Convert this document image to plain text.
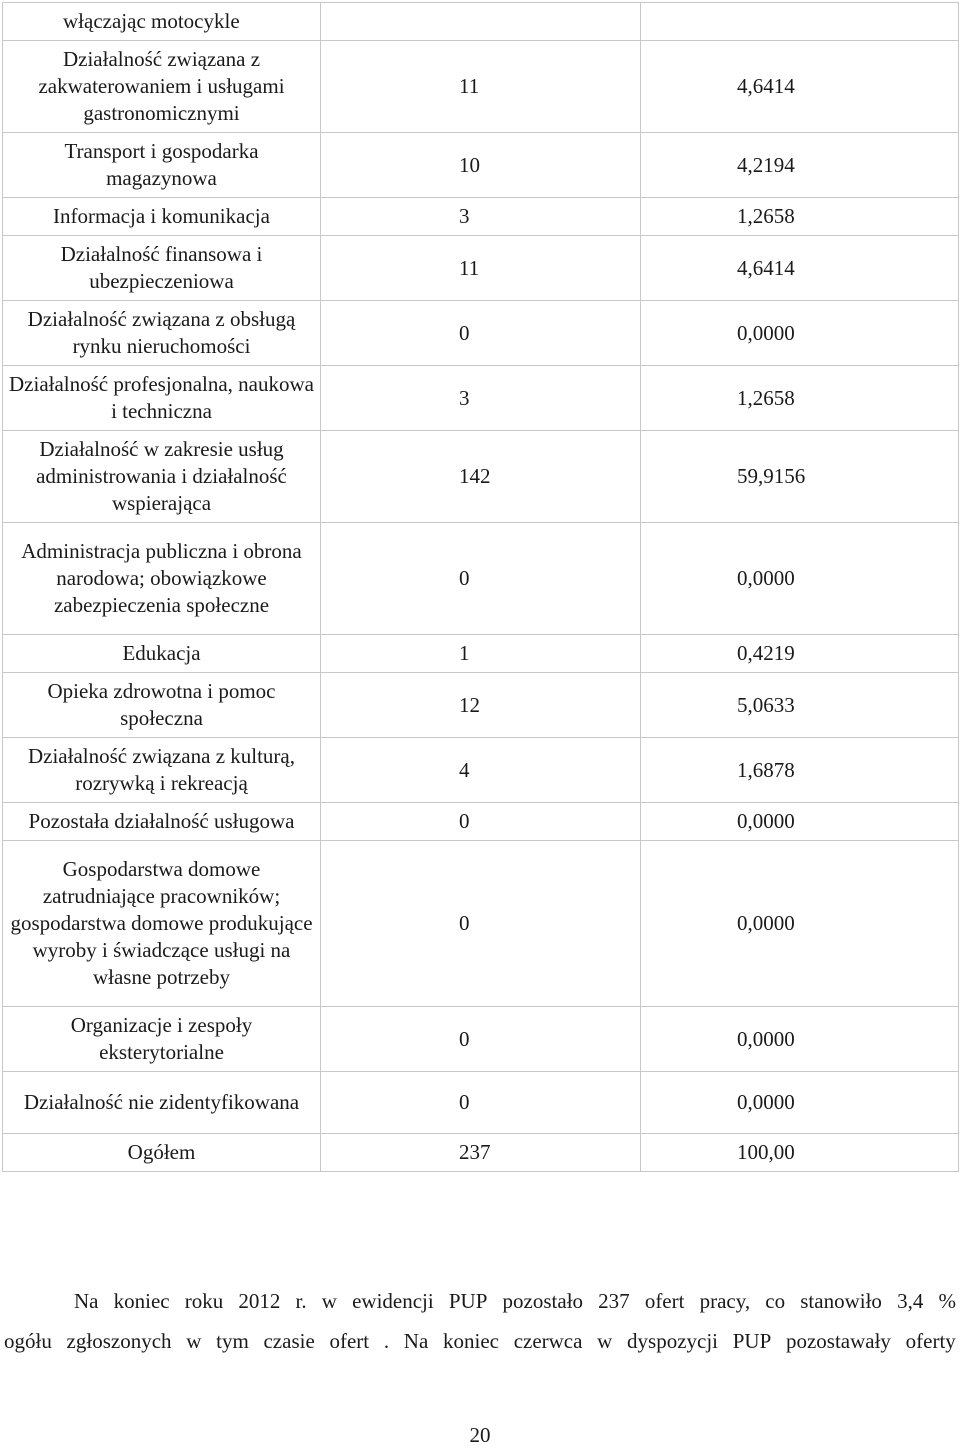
włączając motocykle		
Działalność związana z zakwaterowaniem i usługami gastronomicznymi	11	4,6414
Transport i gospodarka magazynowa	10	4,2194
Informacja i komunikacja	3	1,2658
Działalność finansowa i ubezpieczeniowa	11	4,6414
Działalność związana z obsługą rynku nieruchomości	0	0,0000
Działalność profesjonalna, naukowa i techniczna	3	1,2658
Działalność w zakresie usług administrowania i działalność wspierająca	142	59,9156
Administracja publiczna i obrona narodowa; obowiązkowe zabezpieczenia społeczne	0	0,0000
Edukacja	1	0,4219
Opieka zdrowotna i pomoc społeczna	12	5,0633
Działalność związana z kulturą, rozrywką i rekreacją	4	1,6878
Pozostała działalność usługowa	0	0,0000
Gospodarstwa domowe zatrudniające pracowników; gospodarstwa domowe produkujące wyroby i świadczące usługi na własne potrzeby	0	0,0000
Organizacje i zespoły eksterytorialne	0	0,0000
Działalność nie zidentyfikowana	0	0,0000
Ogółem	237	100,00
Na koniec roku 2012 r. w ewidencji PUP pozostało 237 ofert pracy, co stanowiło 3,4 %
ogółu zgłoszonych w tym czasie ofert . Na koniec czerwca w dyspozycji PUP pozostawały oferty
20
